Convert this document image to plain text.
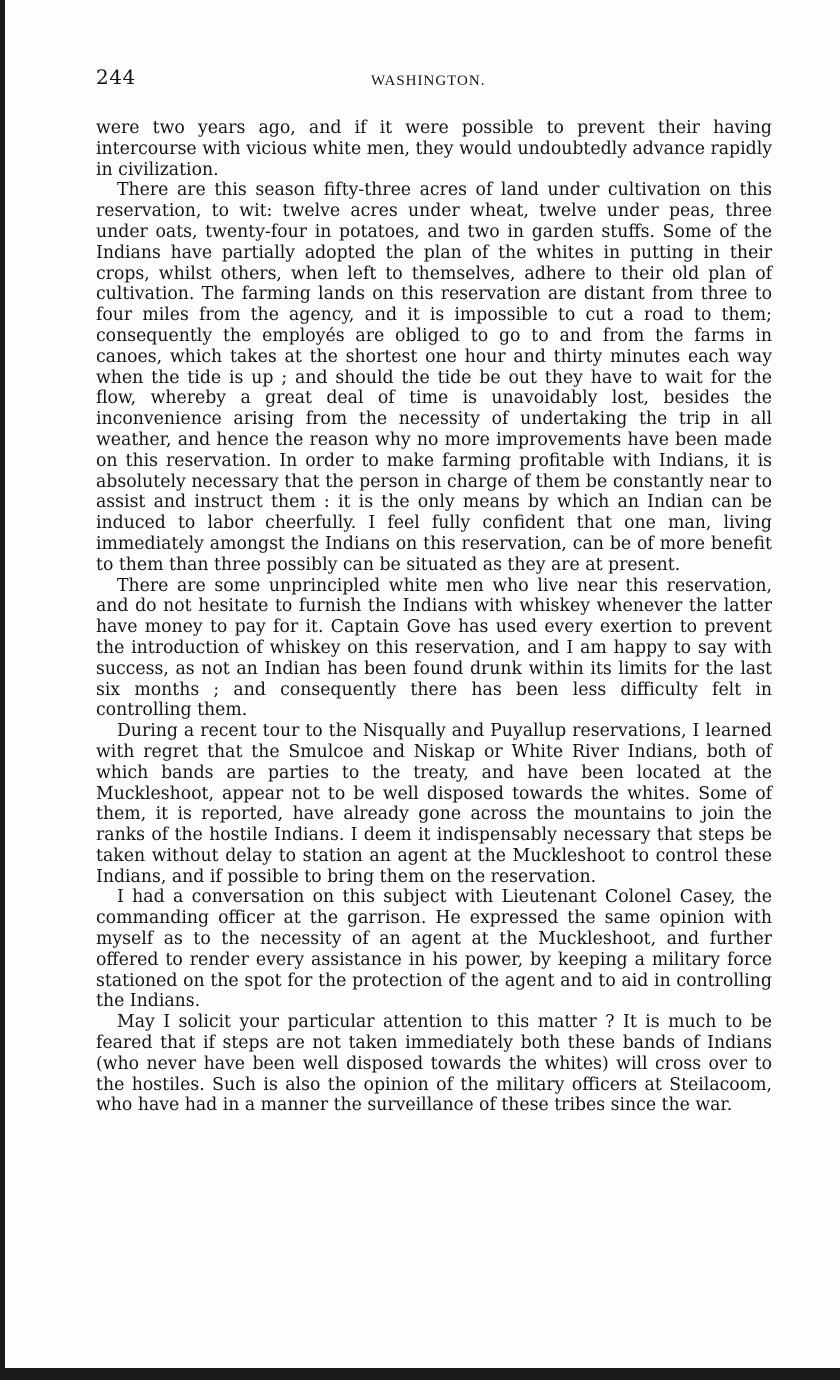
244	WASHINGTON.

were two years ago, and if it were possible to prevent their having intercourse with vicious white men, they would undoubtedly advance rapidly in civilization.

There are this season fifty-three acres of land under cultivation on this reservation, to wit: twelve acres under wheat, twelve under peas, three under oats, twenty-four in potatoes, and two in garden stuffs. Some of the Indians have partially adopted the plan of the whites in putting in their crops, whilst others, when left to themselves, adhere to their old plan of cultivation. The farming lands on this reservation are distant from three to four miles from the agency, and it is impossible to cut a road to them; consequently the employés are obliged to go to and from the farms in canoes, which takes at the shortest one hour and thirty minutes each way when the tide is up ; and should the tide be out they have to wait for the flow, whereby a great deal of time is unavoidably lost, besides the inconvenience arising from the necessity of undertaking the trip in all weather, and hence the reason why no more improvements have been made on this reservation. In order to make farming profitable with Indians, it is absolutely necessary that the person in charge of them be constantly near to assist and instruct them : it is the only means by which an Indian can be induced to labor cheerfully. I feel fully confident that one man, living immediately amongst the Indians on this reservation, can be of more benefit to them than three possibly can be situated as they are at present.

There are some unprincipled white men who live near this reservation, and do not hesitate to furnish the Indians with whiskey whenever the latter have money to pay for it. Captain Gove has used every exertion to prevent the introduction of whiskey on this reservation, and I am happy to say with success, as not an Indian has been found drunk within its limits for the last six months ; and consequently there has been less difficulty felt in controlling them.

During a recent tour to the Nisqually and Puyallup reservations, I learned with regret that the Smulcoe and Niskap or White River Indians, both of which bands are parties to the treaty, and have been located at the Muckleshoot, appear not to be well disposed towards the whites. Some of them, it is reported, have already gone across the mountains to join the ranks of the hostile Indians. I deem it indispensably necessary that steps be taken without delay to station an agent at the Muckleshoot to control these Indians, and if possible to bring them on the reservation.

I had a conversation on this subject with Lieutenant Colonel Casey, the commanding officer at the garrison. He expressed the same opinion with myself as to the necessity of an agent at the Muckleshoot, and further offered to render every assistance in his power, by keeping a military force stationed on the spot for the protection of the agent and to aid in controlling the Indians.

May I solicit your particular attention to this matter ? It is much to be feared that if steps are not taken immediately both these bands of Indians (who never have been well disposed towards the whites) will cross over to the hostiles. Such is also the opinion of the military officers at Steilacoom, who have had in a manner the surveillance of these tribes since the war.
